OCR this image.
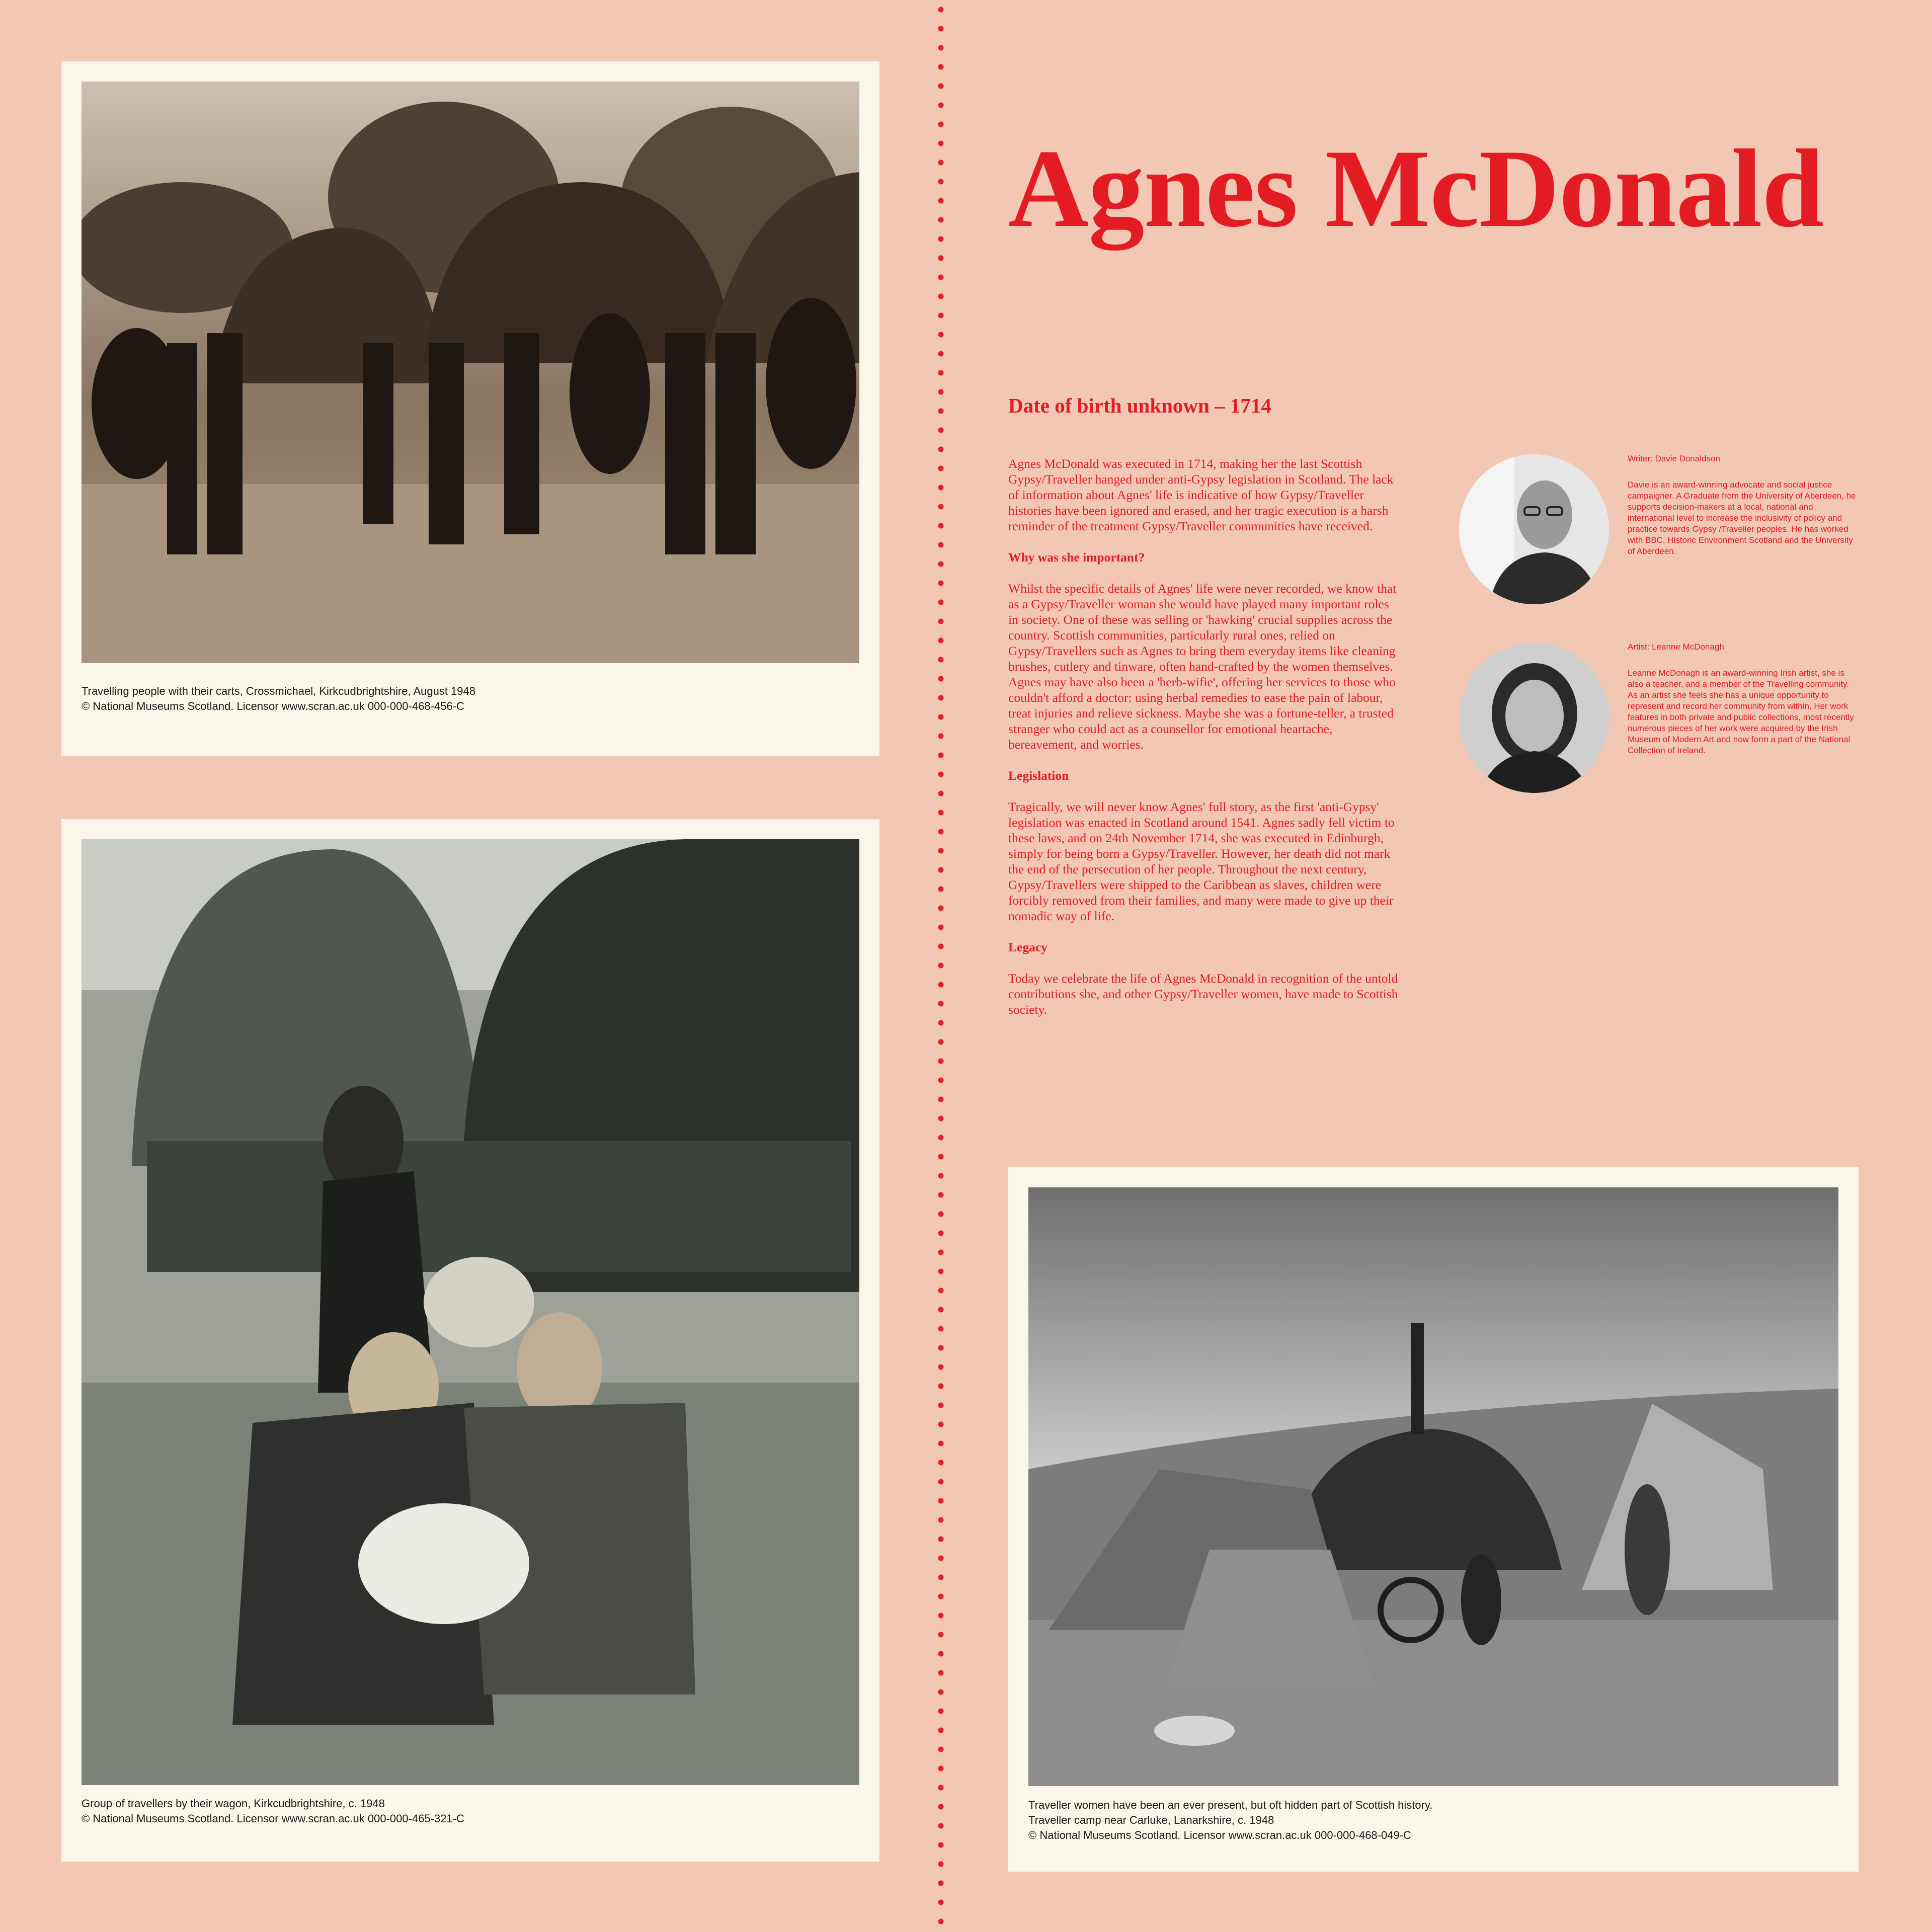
Travelling people with their carts, Crossmichael, Kirkcudbrightshire, August 1948
© National Museums Scotland. Licensor www.scran.ac.uk 000-000-468-456-C
Group of travellers by their wagon, Kirkcudbrightshire, c. 1948
© National Museums Scotland. Licensor www.scran.ac.uk 000-000-465-321-C
Agnes McDonald
Date of birth unknown – 1714

Agnes McDonald was executed in 1714, making her the last Scottish Gypsy/Traveller hanged under anti-Gypsy legislation in Scotland. The lack of information about Agnes' life is indicative of how Gypsy/Traveller histories have been ignored and erased, and her tragic execution is a harsh reminder of the treatment Gypsy/Traveller communities have received.

Why was she important?

Whilst the specific details of Agnes' life were never recorded, we know that as a Gypsy/Traveller woman she would have played many important roles in society. One of these was selling or 'hawking' crucial supplies across the country. Scottish communities, particularly rural ones, relied on Gypsy/Travellers such as Agnes to bring them everyday items like cleaning brushes, cutlery and tinware, often hand-crafted by the women themselves. Agnes may have also been a 'herb-wifie', offering her services to those who couldn't afford a doctor: using herbal remedies to ease the pain of labour, treat injuries and relieve sickness. Maybe she was a fortune-teller, a trusted stranger who could act as a counsellor for emotional heartache, bereavement, and worries.

Legislation

Tragically, we will never know Agnes' full story, as the first 'anti-Gypsy' legislation was enacted in Scotland around 1541. Agnes sadly fell victim to these laws, and on 24th November 1714, she was executed in Edinburgh, simply for being born a Gypsy/Traveller. However, her death did not mark the end of the persecution of her people. Throughout the next century, Gypsy/Travellers were shipped to the Caribbean as slaves, children were forcibly removed from their families, and many were made to give up their nomadic way of life.

Legacy

Today we celebrate the life of Agnes McDonald in recognition of the untold contributions she, and other Gypsy/Traveller women, have made to Scottish society.

Writer: Davie Donaldson
Davie is an award-winning advocate and social justice campaigner. A Graduate from the University of Aberdeen, he supports decision-makers at a local, national and international level to increase the inclusivity of policy and practice towards Gypsy /Traveller peoples. He has worked with BBC, Historic Environment Scotland and the University of Aberdeen.
Artist: Leanne McDonagh
Leanne McDonagh is an award-winning Irish artist, she is also a teacher, and a member of the Travelling community. As an artist she feels she has a unique opportunity to represent and record her community from within. Her work features in both private and public collections, most recently numerous pieces of her work were acquired by the Irish Museum of Modern Art and now form a part of the National Collection of Ireland.
Traveller women have been an ever present, but oft hidden part of Scottish history.
Traveller camp near Carluke, Lanarkshire, c. 1948
© National Museums Scotland. Licensor www.scran.ac.uk 000-000-468-049-C
